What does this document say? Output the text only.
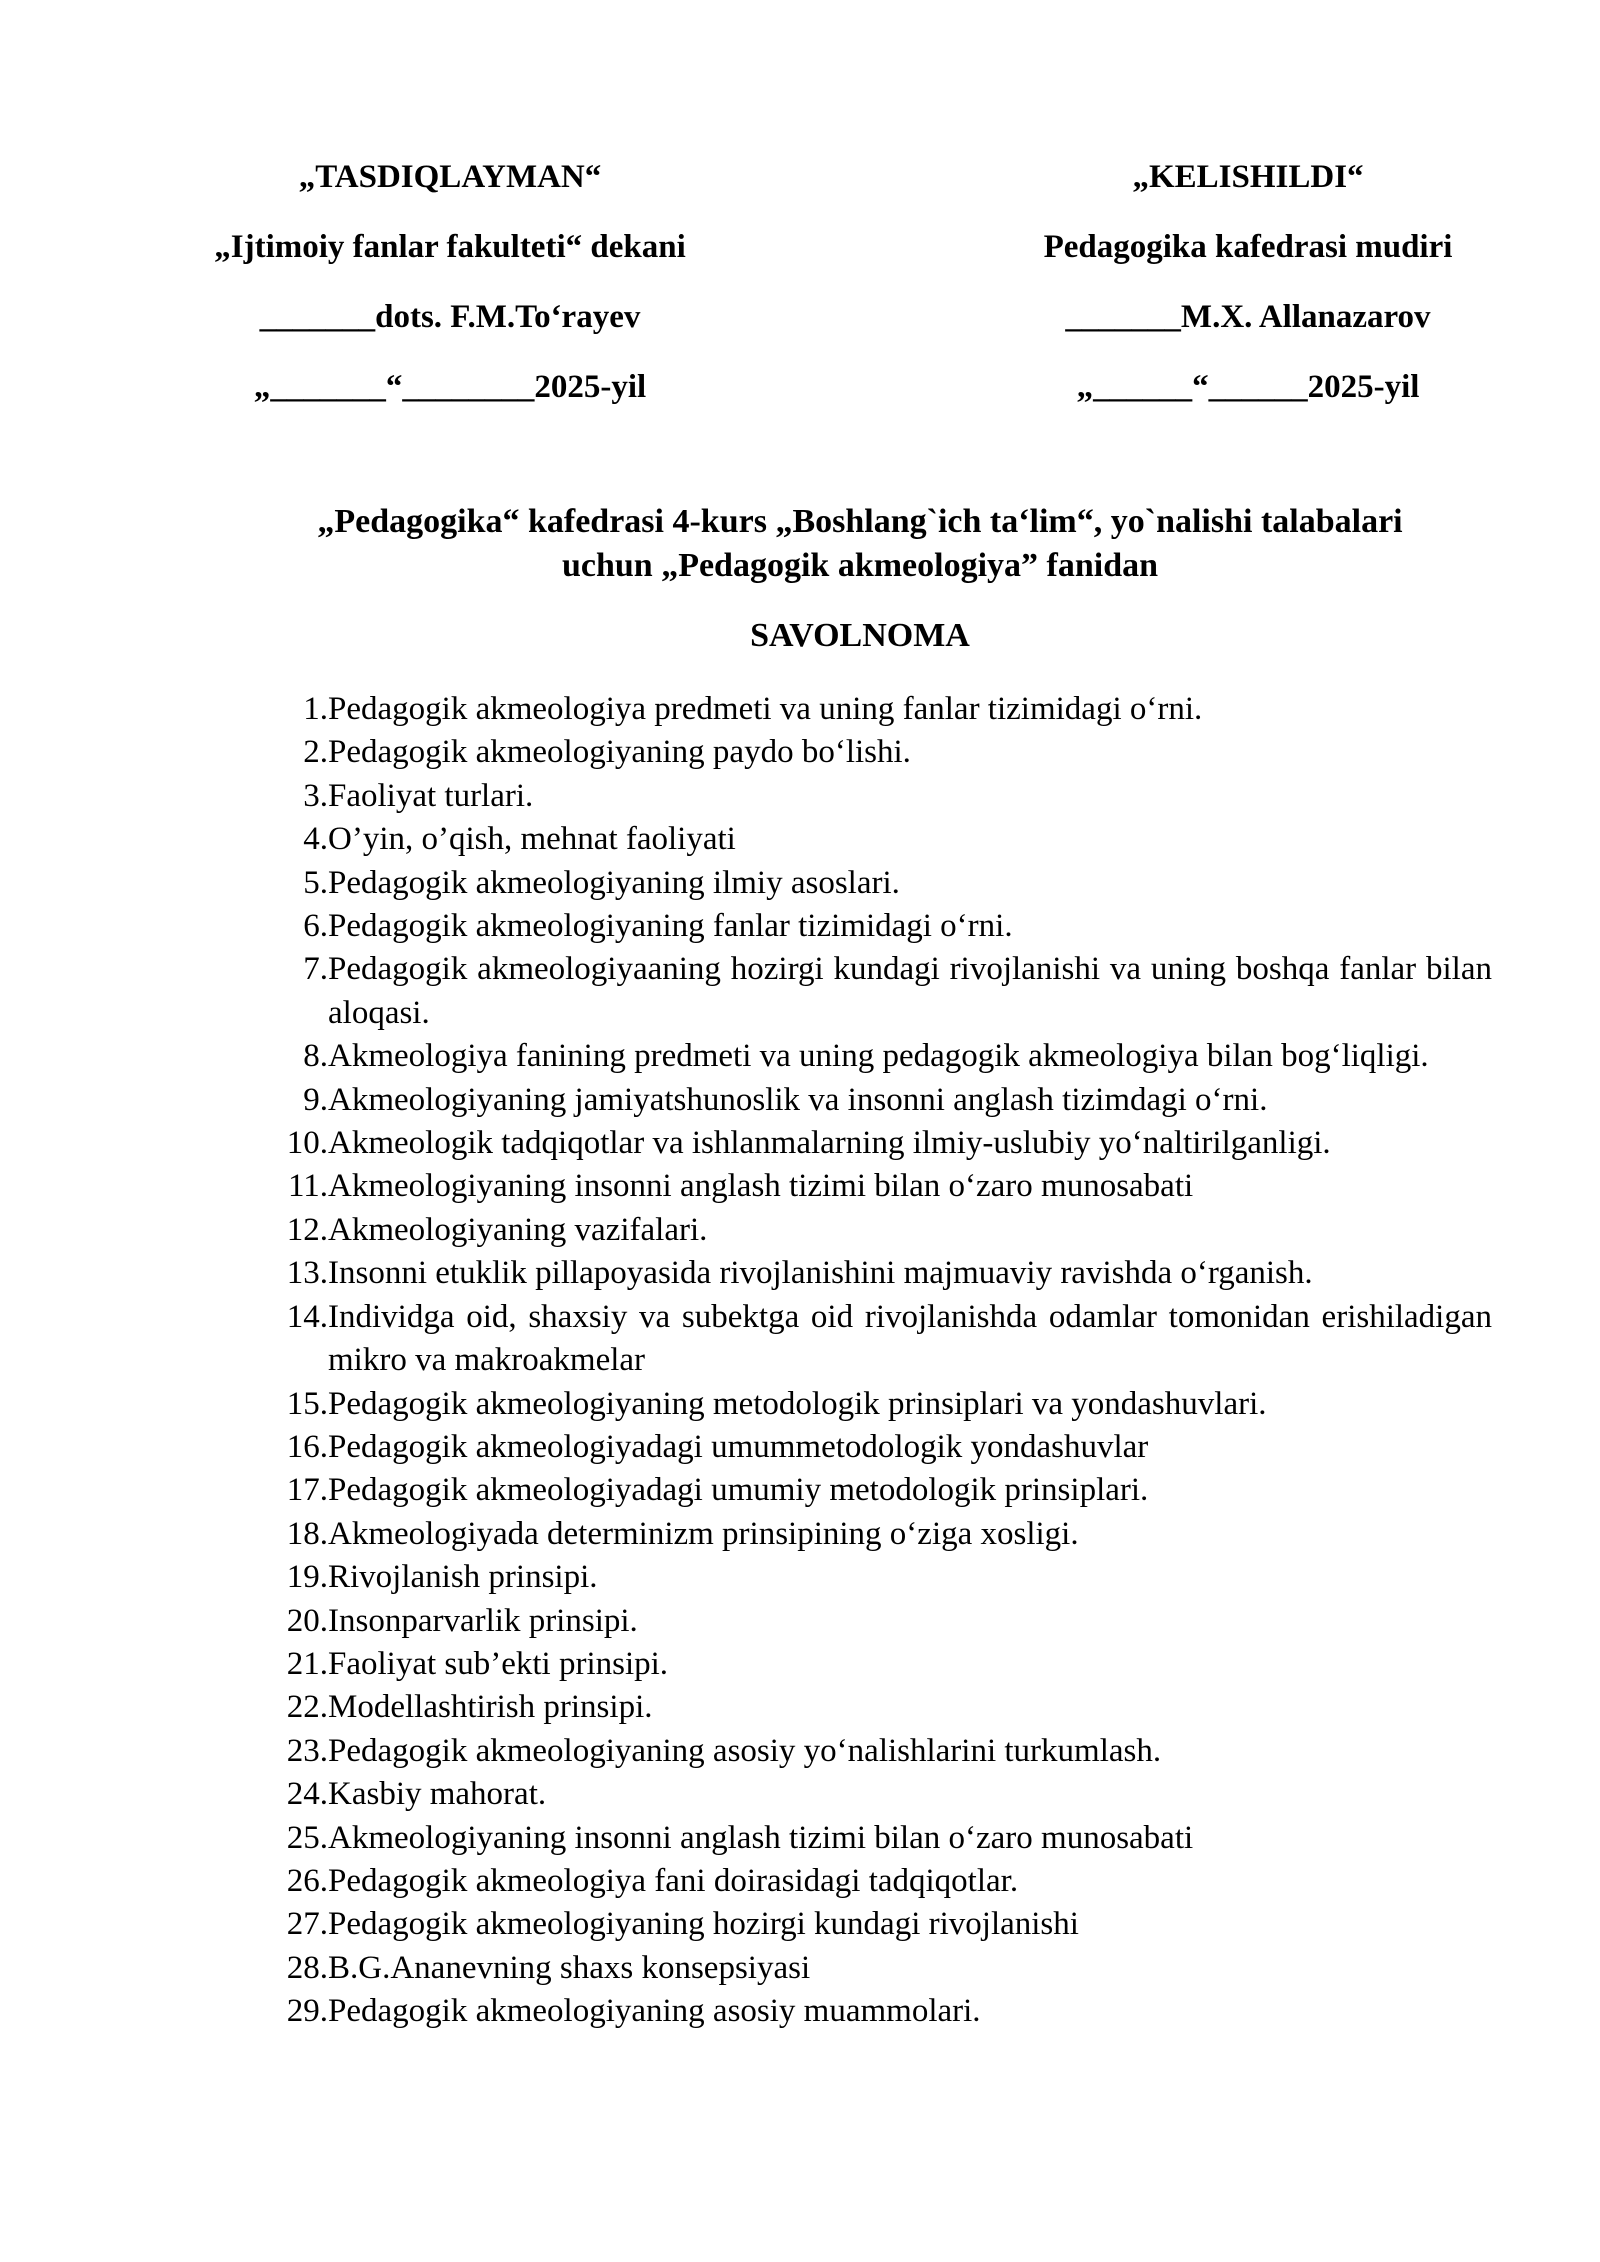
„TASDIQLAYMAN“
„Ijtimoiy fanlar fakulteti“ dekani
_______dots. F.M.To‘rayev
„_______“________2025-yil
„KELISHILDI“
Pedagogika kafedrasi mudiri
_______M.X. Allanazarov
„______“______2025-yil
„Pedagogika“ kafedrasi 4-kurs „Boshlang`ich ta‘lim“, yo`nalishi talabalari
uchun „Pedagogik akmeologiya” fanidan
SAVOLNOMA
1. Pedagogik akmeologiya predmeti va uning fanlar tizimidagi o‘rni.
2. Pedagogik akmeologiyaning paydo bo‘lishi.
3. Faoliyat turlari.
4. O’yin, o’qish, mehnat faoliyati
5. Pedagogik akmeologiyaning ilmiy asoslari.
6. Pedagogik akmeologiyaning fanlar tizimidagi o‘rni.
7. Pedagogik akmeologiyaaning hozirgi kundagi rivojlanishi va uning boshqa fanlar bilan aloqasi.
8. Akmeologiya fanining predmeti va uning pedagogik akmeologiya bilan bog‘liqligi.
9. Akmeologiyaning jamiyatshunoslik va insonni anglash tizimdagi o‘rni.
10. Akmeologik tadqiqotlar va ishlanmalarning ilmiy-uslubiy yo‘naltirilganligi.
11. Akmeologiyaning insonni anglash tizimi bilan o‘zaro munosabati
12. Akmeologiyaning vazifalari.
13. Insonni etuklik pillapoyasida rivojlanishini majmuaviy ravishda o‘rganish.
14. Individga oid, shaxsiy va subektga oid rivojlanishda odamlar tomonidan erishiladigan mikro va makroakmelar
15. Pedagogik akmeologiyaning metodologik prinsiplari va yondashuvlari.
16. Pedagogik akmeologiyadagi umummetodologik yondashuvlar
17. Pedagogik akmeologiyadagi umumiy metodologik prinsiplari.
18. Akmeologiyada determinizm prinsipining o‘ziga xosligi.
19. Rivojlanish prinsipi.
20. Insonparvarlik prinsipi.
21. Faoliyat sub’ekti prinsipi.
22. Modellashtirish prinsipi.
23. Pedagogik akmeologiyaning asosiy yo‘nalishlarini turkumlash.
24. Kasbiy mahorat.
25. Akmeologiyaning insonni anglash tizimi bilan o‘zaro munosabati
26. Pedagogik akmeologiya fani doirasidagi tadqiqotlar.
27. Pedagogik akmeologiyaning hozirgi kundagi rivojlanishi
28. B.G.Ananevning shaxs konsepsiyasi
29. Pedagogik akmeologiyaning asosiy muammolari.
